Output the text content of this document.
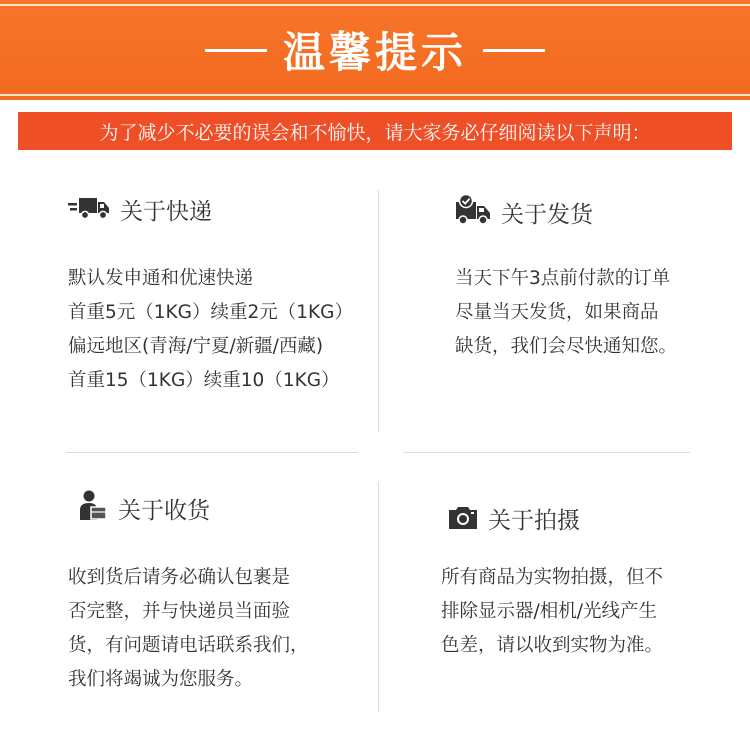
温馨提示
为了减少不必要的误会和不愉快，请大家务必仔细阅读以下声明：
关于快递
默认发申通和优速快递
首重5元（1KG）续重2元（1KG）
偏远地区(青海/宁夏/新疆/西藏)
首重15（1KG）续重10（1KG）
关于发货
当天下午3点前付款的订单
尽量当天发货，如果商品
缺货，我们会尽快通知您。
关于收货
收到货后请务必确认包裹是
否完整，并与快递员当面验
货，有问题请电话联系我们，
我们将竭诚为您服务。
关于拍摄
所有商品为实物拍摄，但不
排除显示器/相机/光线产生
色差，请以收到实物为准。
